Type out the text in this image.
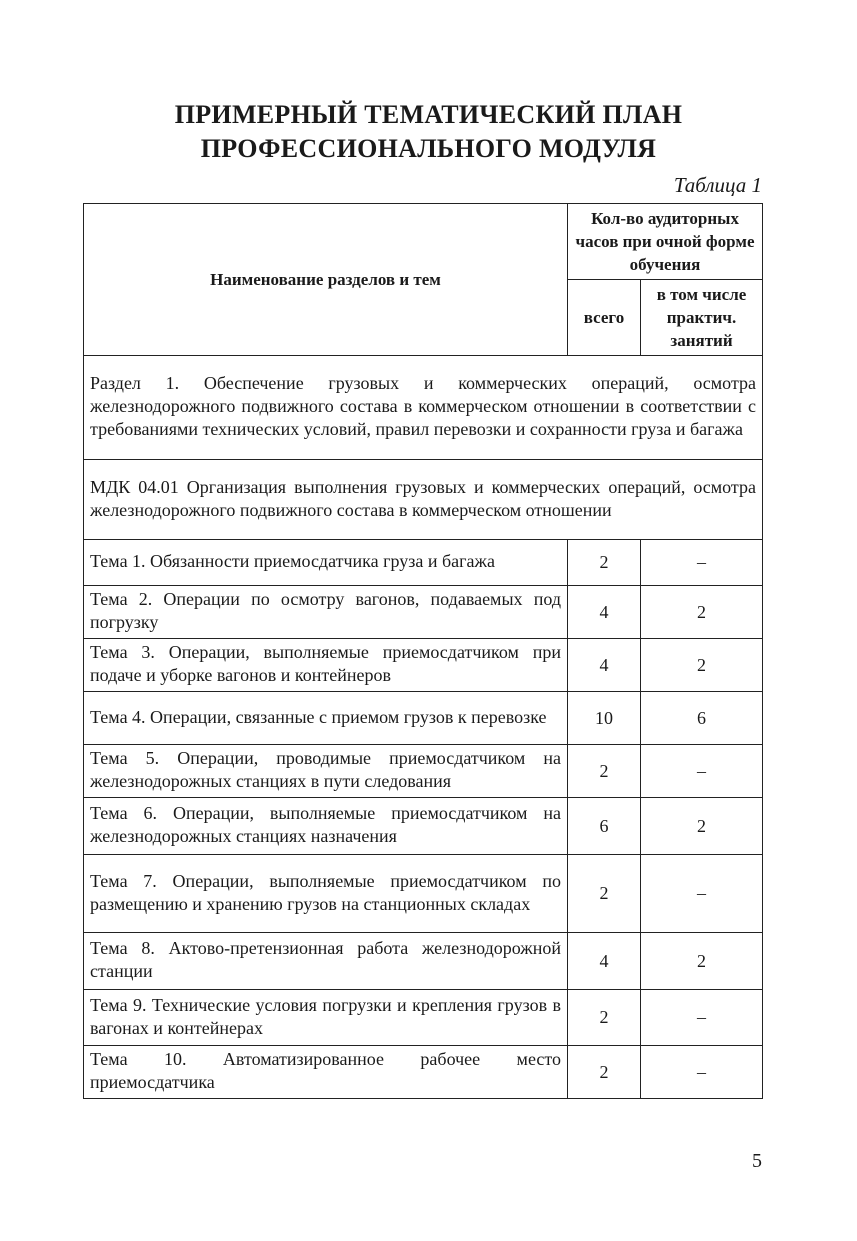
ПРИМЕРНЫЙ ТЕМАТИЧЕСКИЙ ПЛАН
ПРОФЕССИОНАЛЬНОГО МОДУЛЯ
Таблица 1
Наименование разделов и тем	Кол-во аудиторных часов при очной форме обучения	
	всего	в том числе практич. занятий
Раздел 1. Обеспечение грузовых и коммерческих операций, осмотра железнодорожного подвижного состава в коммерческом отношении в соответствии с требованиями технических условий, правил перевозки и сохранности груза и багажа		
МДК 04.01 Организация выполнения грузовых и коммерческих операций, осмотра железнодорожного подвижного состава в коммерческом отношении		
Тема 1. Обязанности приемосдатчика груза и багажа	2	–
Тема 2. Операции по осмотру вагонов, подаваемых под погрузку	4	2
Тема 3. Операции, выполняемые приемосдатчиком при подаче и уборке вагонов и контейнеров	4	2
Тема 4. Операции, связанные с приемом грузов к перевозке	10	6
Тема 5. Операции, проводимые приемосдатчиком на железнодорожных станциях в пути следования	2	–
Тема 6. Операции, выполняемые приемосдатчиком на железнодорожных станциях назначения	6	2
Тема 7. Операции, выполняемые приемосдатчиком по размещению и хранению грузов на станционных складах	2	–
Тема 8. Актово-претензионная работа железнодорожной станции	4	2
Тема 9. Технические условия погрузки и крепления грузов в вагонах и контейнерах	2	–
Тема 10. Автоматизированное рабочее место приемосдатчика	2	–
5
